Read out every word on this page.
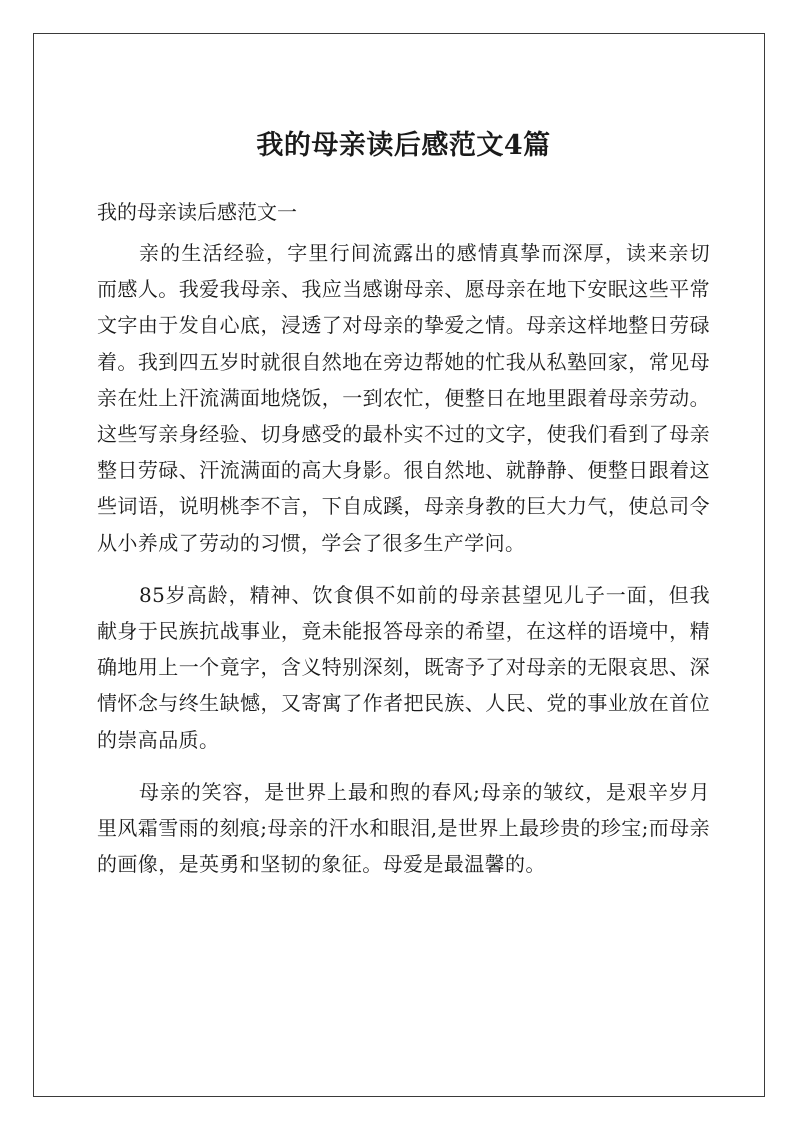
我的母亲读后感范文4篇

我的母亲读后感范文一

亲的生活经验，字里行间流露出的感情真挚而深厚，读来亲切而感人。我爱我母亲、我应当感谢母亲、愿母亲在地下安眠这些平常文字由于发自心底，浸透了对母亲的挚爱之情。母亲这样地整日劳碌着。我到四五岁时就很自然地在旁边帮她的忙我从私塾回家，常见母亲在灶上汗流满面地烧饭，一到农忙，便整日在地里跟着母亲劳动。这些写亲身经验、切身感受的最朴实不过的文字，使我们看到了母亲整日劳碌、汗流满面的高大身影。很自然地、就静静、便整日跟着这些词语，说明桃李不言，下自成蹊，母亲身教的巨大力气，使总司令从小养成了劳动的习惯，学会了很多生产学问。

85岁高龄，精神、饮食俱不如前的母亲甚望见儿子一面，但我献身于民族抗战事业，竟未能报答母亲的希望，在这样的语境中，精确地用上一个竟字，含义特别深刻，既寄予了对母亲的无限哀思、深情怀念与终生缺憾，又寄寓了作者把民族、人民、党的事业放在首位的崇高品质。

母亲的笑容，是世界上最和煦的春风;母亲的皱纹，是艰辛岁月里风霜雪雨的刻痕;母亲的汗水和眼泪,是世界上最珍贵的珍宝;而母亲的画像，是英勇和坚韧的象征。母爱是最温馨的。
